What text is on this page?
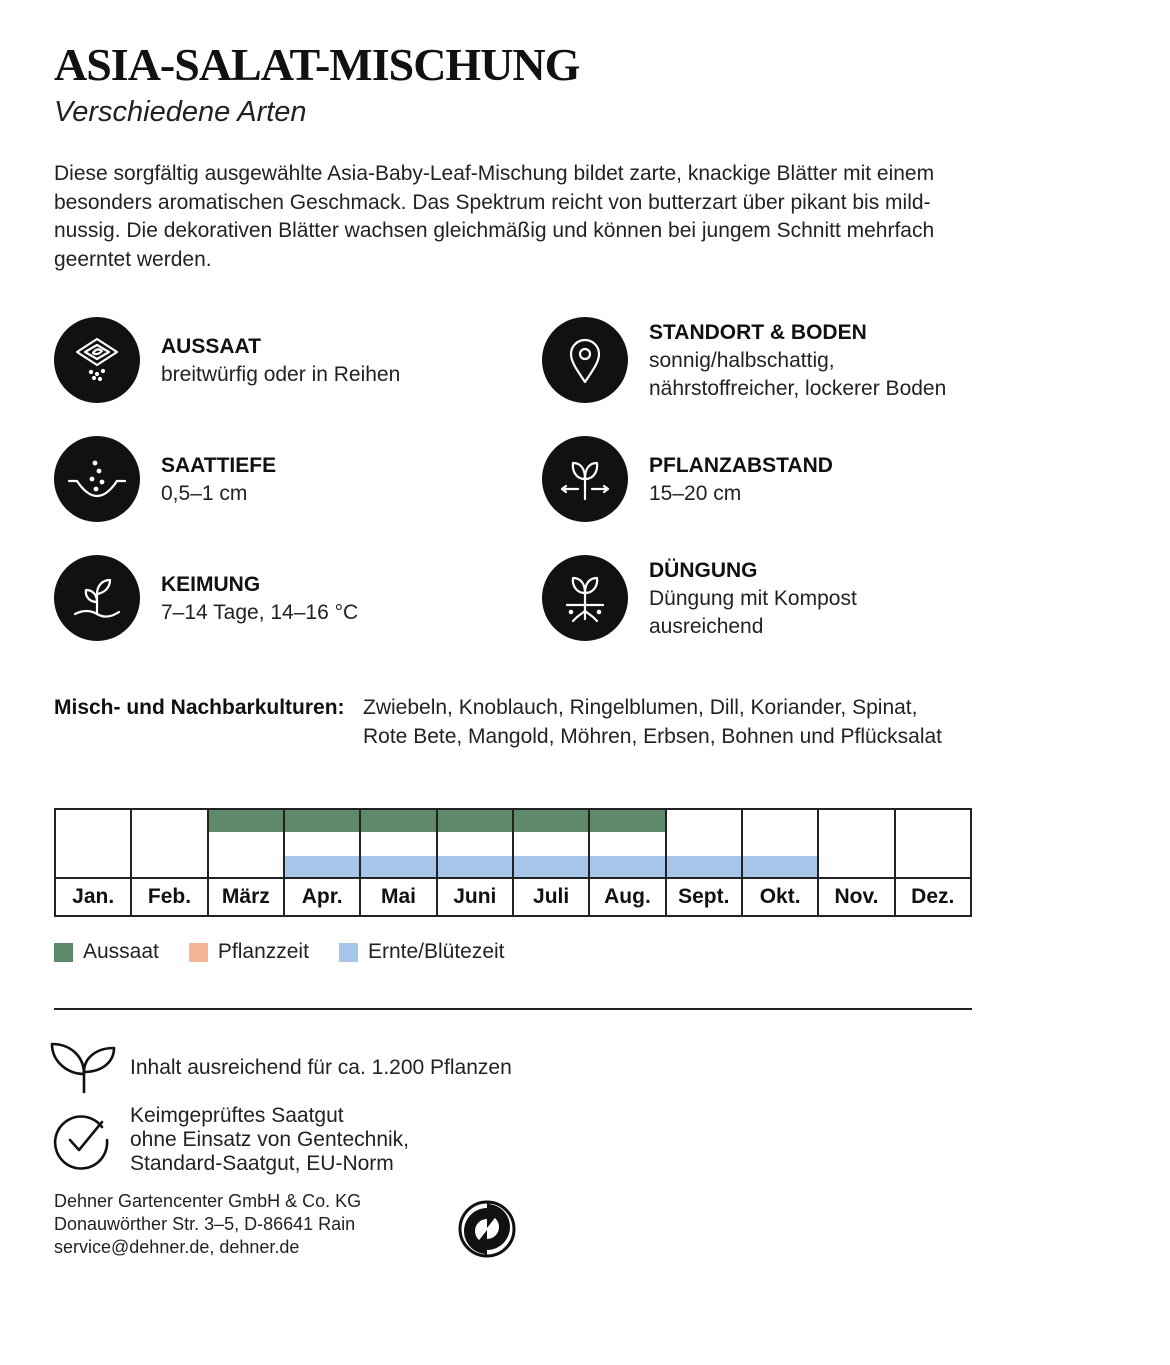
ASIA-SALAT-MISCHUNG
Verschiedene Arten
Diese sorgfältig ausgewählte Asia-Baby-Leaf-Mischung bildet zarte, knackige Blätter mit einem besonders aromatischen Geschmack. Das Spektrum reicht von butterzart über pikant bis mild-nussig. Die dekorativen Blätter wachsen gleichmäßig und können bei jungem Schnitt mehrfach geerntet werden.
AUSSAAT
breitwürfig oder in Reihen
STANDORT & BODEN
sonnig/halbschattig,
nährstoffreicher, lockerer Boden
SAATTIEFE
0,5–1 cm
PFLANZABSTAND
15–20 cm
KEIMUNG
7–14 Tage, 14–16 °C
DÜNGUNG
Düngung mit Kompost
ausreichend
Misch- und Nachbarkulturen: Zwiebeln, Knoblauch, Ringelblumen, Dill, Koriander, Spinat,
Rote Bete, Mangold, Möhren, Erbsen, Bohnen und Pflücksalat
Jan.	Feb.	März	Apr.	Mai	Juni	Juli	Aug.	Sept.	Okt.	Nov.	Dez.
Aussaat	Pflanzzeit	Ernte/Blütezeit
Inhalt ausreichend für ca. 1.200 Pflanzen
Keimgeprüftes Saatgut
ohne Einsatz von Gentechnik,
Standard-Saatgut, EU-Norm
Dehner Gartencenter GmbH & Co. KG
Donauwörther Str. 3–5, D-86641 Rain
service@dehner.de, dehner.de
